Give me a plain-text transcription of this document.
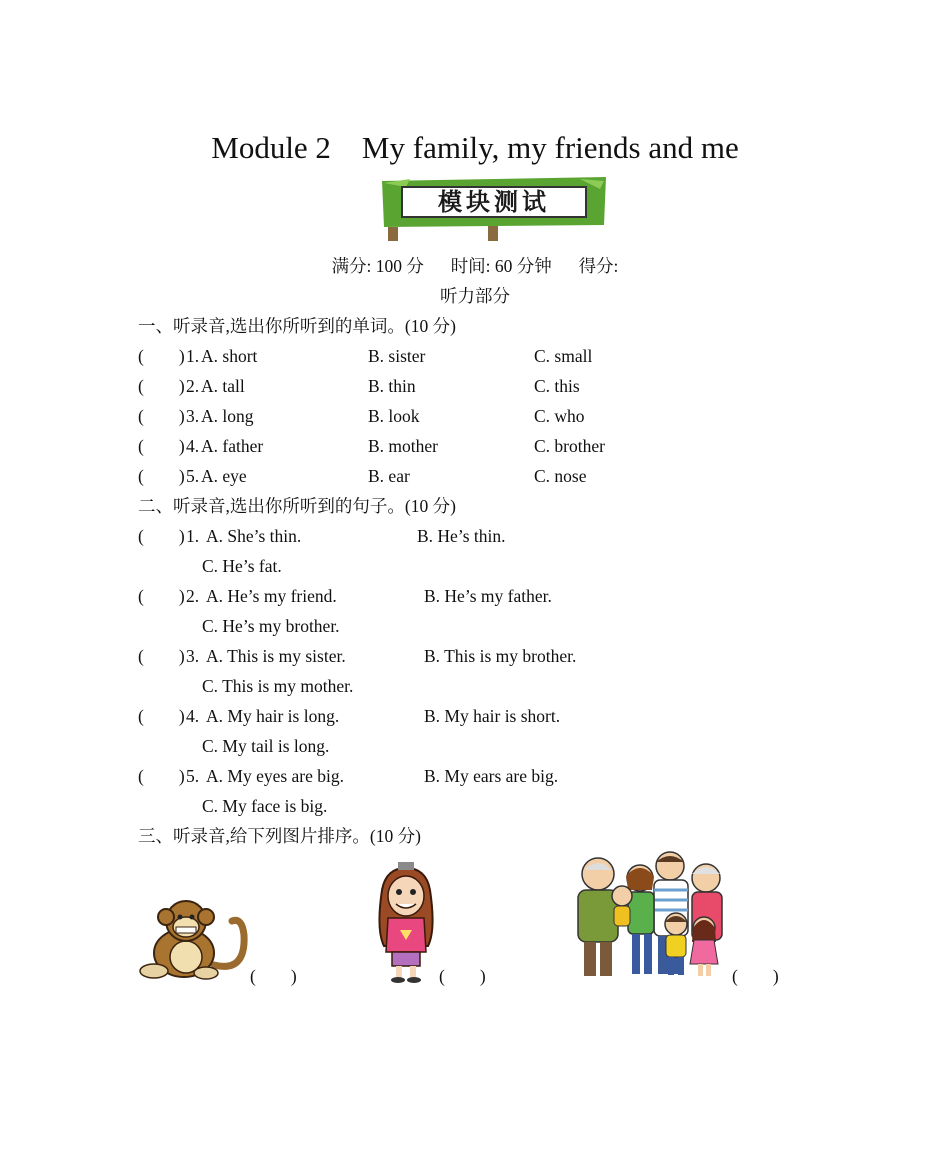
Module 2　My family, my friends and me
模块测试
满分: 100 分 时间: 60 分钟 得分:
听力部分
一、听录音,选出你所听到的单词。(10 分)
(　　) 1. A. short	B. sister	C. small
(　　) 2. A. tall	B. thin	C. this
(　　) 3. A. long	B. look	C. who
(　　) 4. A. father	B. mother	C. brother
(　　) 5. A. eye	B. ear	C. nose
二、听录音,选出你所听到的句子。(10 分)
(　　) 1. A. She’s thin.	B. He’s thin.
C. He’s fat.
(　　) 2. A. He’s my friend.	B. He’s my father.
C. He’s my brother.
(　　) 3. A. This is my sister.	B. This is my brother.
C. This is my mother.
(　　) 4. A. My hair is long.	B. My hair is short.
C. My tail is long.
(　　) 5. A. My eyes are big.	B. My ears are big.
C. My face is big.
三、听录音,给下列图片排序。(10 分)
(　　)	(　　)	(　　)
